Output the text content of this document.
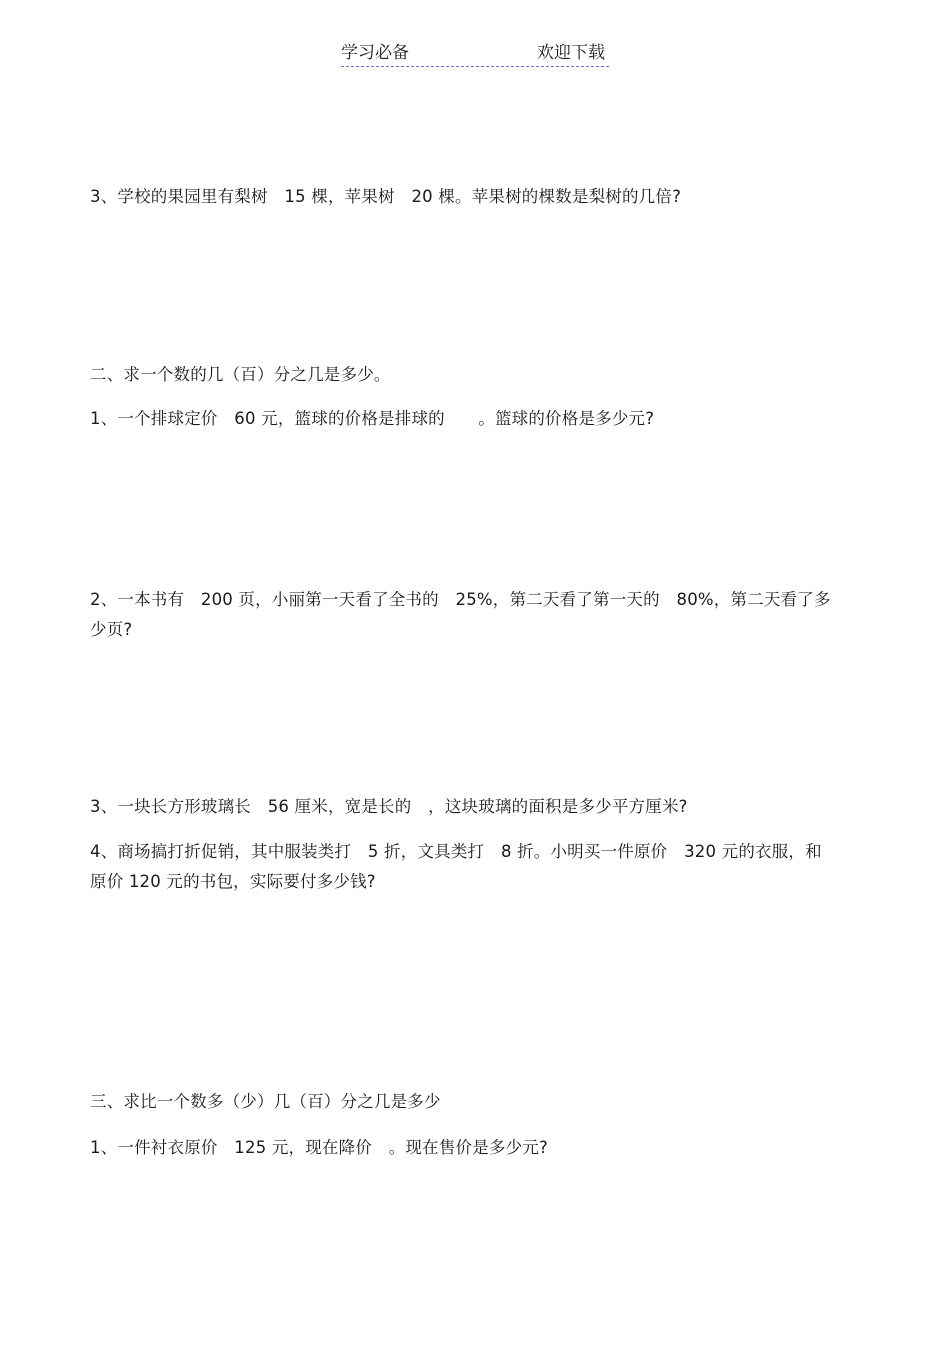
学习必备	欢迎下载
3、学校的果园里有梨树　15 棵，苹果树　20 棵。苹果树的棵数是梨树的几倍?
二、求一个数的几（百）分之几是多少。
1、一个排球定价　60 元，篮球的价格是排球的　　。篮球的价格是多少元?
2、一本书有　200 页，小丽第一天看了全书的　25%，第二天看了第一天的　80%，第二天看了多
少页?
3、一块长方形玻璃长　56 厘米，宽是长的　，这块玻璃的面积是多少平方厘米?
4、商场搞打折促销，其中服装类打　5 折，文具类打　8 折。小明买一件原价　320 元的衣服，和
原价 120 元的书包，实际要付多少钱?
三、求比一个数多（少）几（百）分之几是多少
1、一件衬衣原价　125 元，现在降价　。现在售价是多少元?
